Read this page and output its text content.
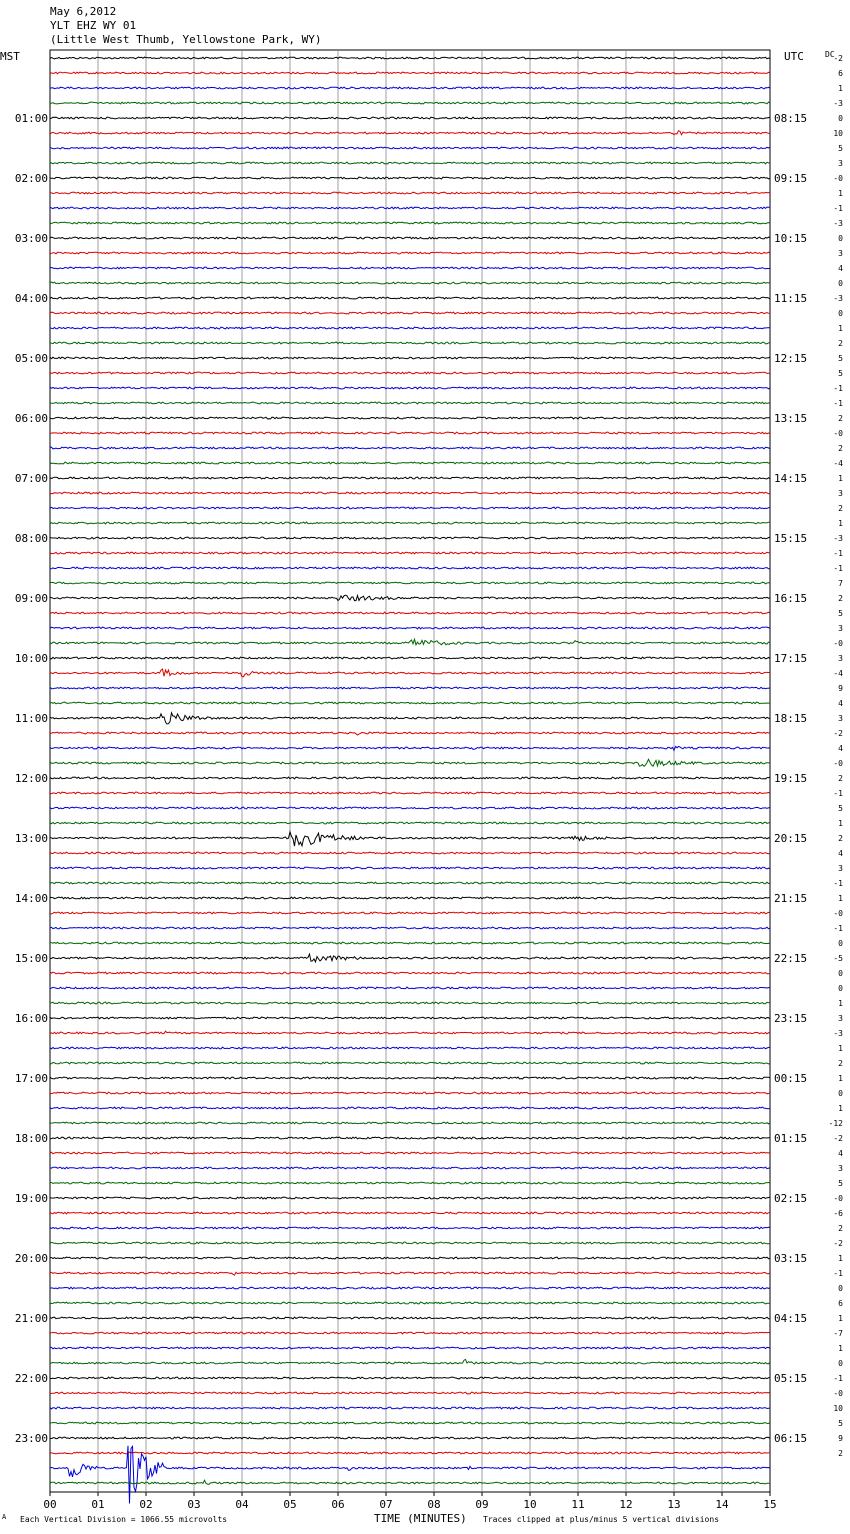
May 6,2012
YLT EHZ WY 01
(Little West Thumb, Yellowstone Park, WY)
-2
6
1
-3
0
10
5
3
-0
1
-1
-3
0
3
4
0
-3
0
1
2
5
5
-1
-1
2
-0
2
-4
1
3
2
1
-3
-1
-1
7
2
5
3
-0
3
-4
9
4
3
-2
4
-0
2
-1
5
1
2
4
3
-1
1
-0
-1
0
-5
0
0
1
3
-3
1
2
1
0
1
-12
-2
4
3
5
-0
-6
2
-2
1
-1
0
6
1
-7
1
0
-1
-0
10
5
9
2
MST	UTC	DC
01:00
02:00
03:00
04:00
05:00
06:00
07:00
08:00
09:00
10:00
11:00
12:00
13:00
14:00
15:00
16:00
17:00
18:00
19:00
20:00
21:00
22:00
23:00
08:15
09:15
10:15
11:15
12:15
13:15
14:15
15:15
16:15
17:15
18:15
19:15
20:15
21:15
22:15
23:15
00:15
01:15
02:15
03:15
04:15
05:15
06:15
00	01	02	03	04	05	06	07	08	09	10	11	12	13	14	15
A Each Vertical Division = 1066.55 microvolts	TIME (MINUTES) Traces clipped at plus/minus 5 vertical divisions
